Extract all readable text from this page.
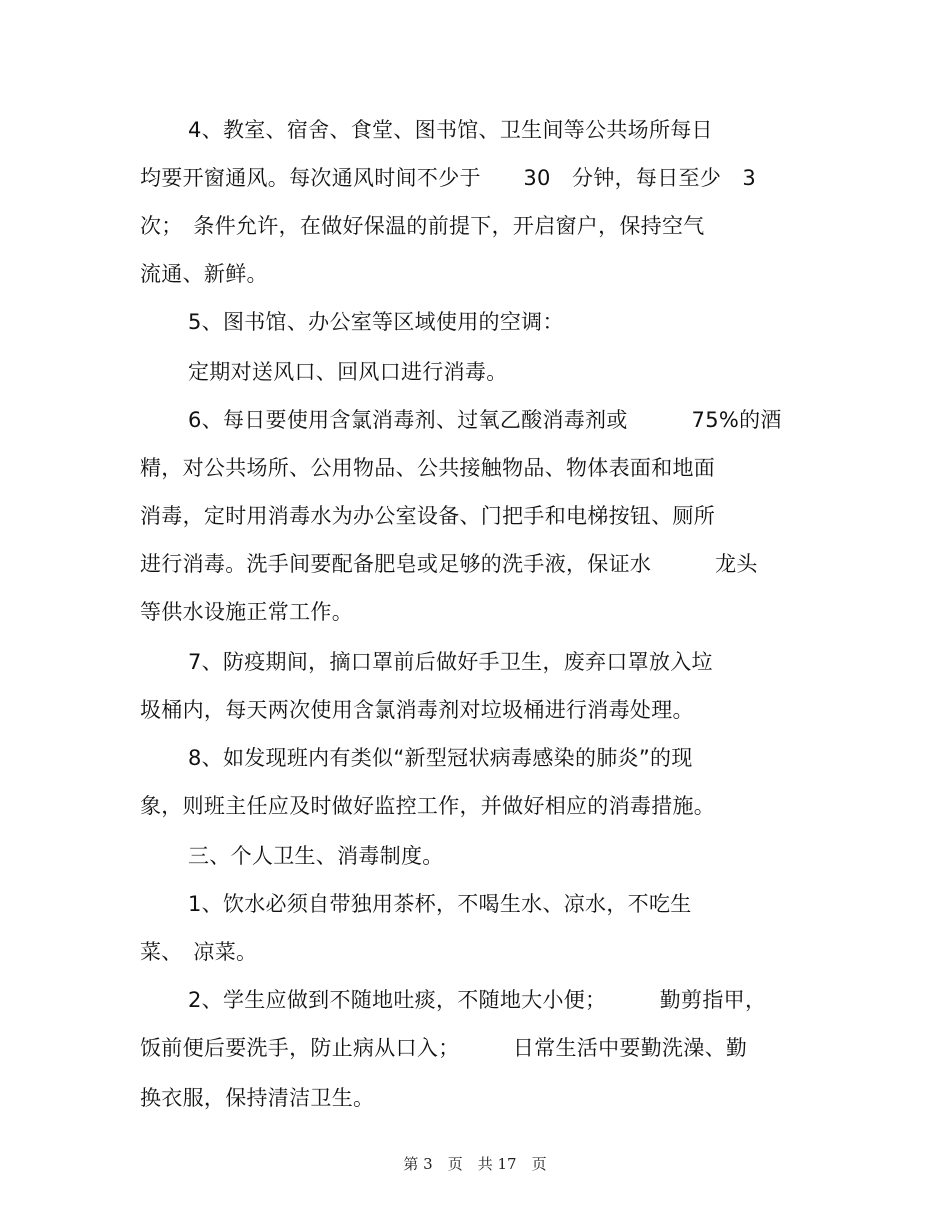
4、教室、宿舍、食堂、图书馆、卫生间等公共场所每日
均要开窗通风。每次通风时间不少于　　30　分钟，每日至少　3
次；　条件允许，在做好保温的前提下，开启窗户，保持空气
流通、新鲜。
5、图书馆、办公室等区域使用的空调：
定期对送风口、回风口进行消毒。
6、每日要使用含氯消毒剂、过氧乙酸消毒剂或　　　75%的酒
精，对公共场所、公用物品、公共接触物品、物体表面和地面
消毒，定时用消毒水为办公室设备、门把手和电梯按钮、厕所
进行消毒。洗手间要配备肥皂或足够的洗手液，保证水　　　龙头
等供水设施正常工作。
7、防疫期间，摘口罩前后做好手卫生，废弃口罩放入垃
圾桶内，每天两次使用含氯消毒剂对垃圾桶进行消毒处理。
8、如发现班内有类似“新型冠状病毒感染的肺炎”的现
象，则班主任应及时做好监控工作，并做好相应的消毒措施。
三、个人卫生、消毒制度。
1、饮水必须自带独用茶杯，不喝生水、凉水，不吃生
菜、　凉菜。
2、学生应做到不随地吐痰，不随地大小便；　　　勤剪指甲，
饭前便后要洗手，防止病从口入；　　　日常生活中要勤洗澡、勤
换衣服，保持清洁卫生。
第 3　页　共 17　页
